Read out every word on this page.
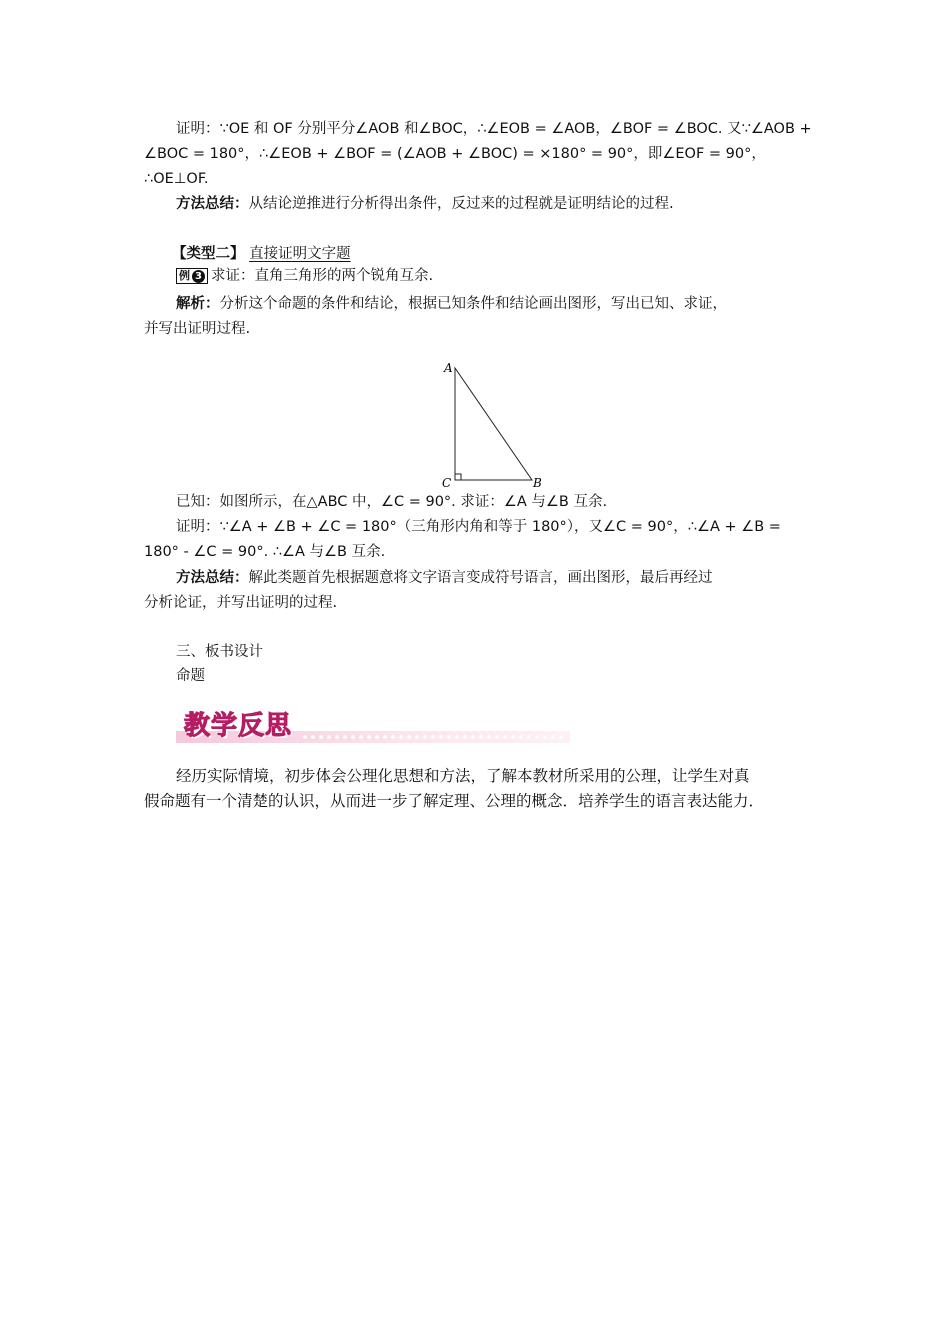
证明：∵OE 和 OF 分别平分∠AOB 和∠BOC，∴∠EOB = ∠AOB，∠BOF = ∠BOC. 又∵∠AOB +
∠BOC = 180°，∴∠EOB + ∠BOF = (∠AOB + ∠BOC) = ×180° = 90°，即∠EOF = 90°，
∴OE⊥OF.
方法总结：从结论逆推进行分析得出条件，反过来的过程就是证明结论的过程.
【类型二】 直接证明文字题
例 3 求证：直角三角形的两个锐角互余.
解析：分析这个命题的条件和结论，根据已知条件和结论画出图形，写出已知、求证，
并写出证明过程.
A
C	B
已知：如图所示，在△ABC 中，∠C = 90°. 求证：∠A 与∠B 互余.
证明：∵∠A + ∠B + ∠C = 180°（三角形内角和等于 180°），又∠C = 90°，∴∠A + ∠B =
180° - ∠C = 90°. ∴∠A 与∠B 互余.
方法总结：解此类题首先根据题意将文字语言变成符号语言，画出图形，最后再经过
分析论证，并写出证明的过程.
三、板书设计
命题
教学反思
经历实际情境，初步体会公理化思想和方法，了解本教材所采用的公理，让学生对真
假命题有一个清楚的认识，从而进一步了解定理、公理的概念．培养学生的语言表达能力．
